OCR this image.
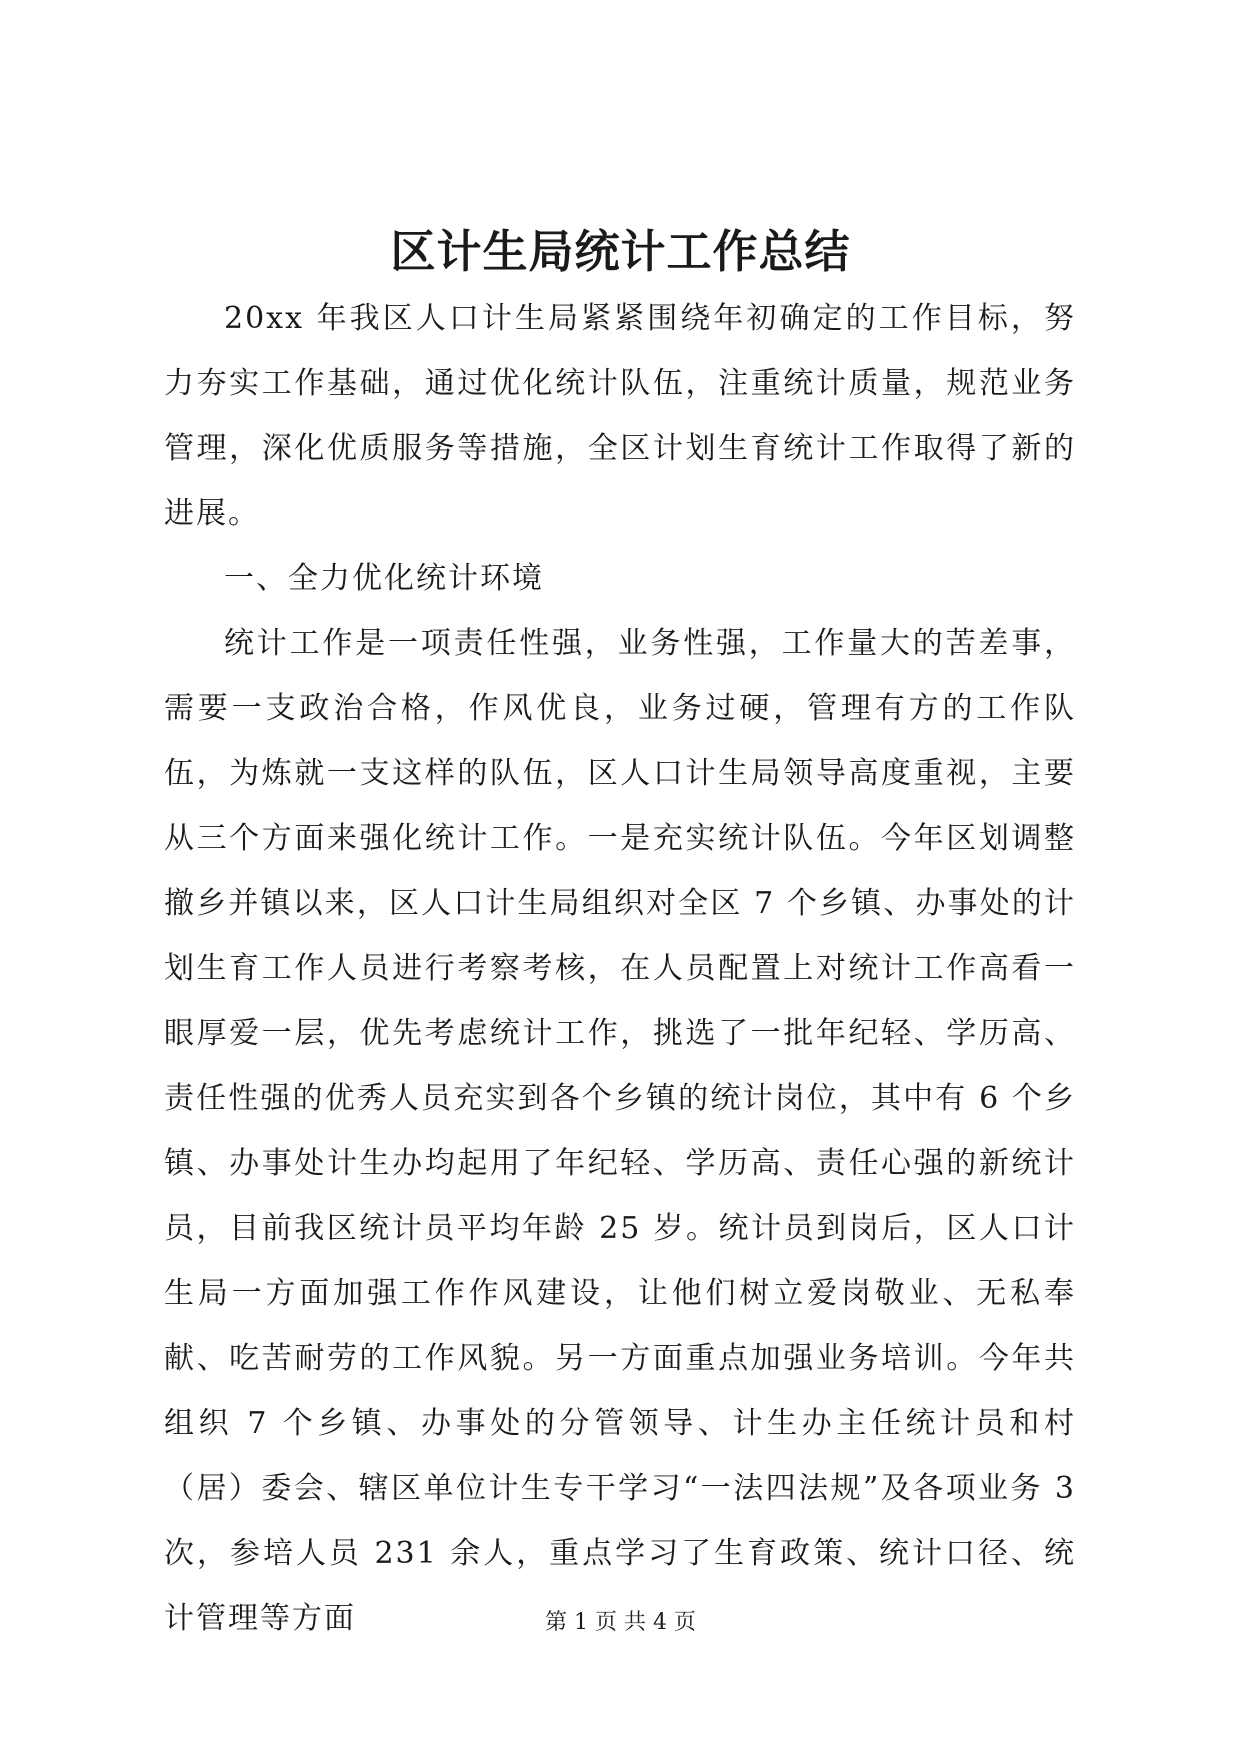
区计生局统计工作总结

20xx 年我区人口计生局紧紧围绕年初确定的工作目标，努力夯实工作基础，通过优化统计队伍，注重统计质量，规范业务管理，深化优质服务等措施，全区计划生育统计工作取得了新的进展。

一、全力优化统计环境

统计工作是一项责任性强，业务性强，工作量大的苦差事，需要一支政治合格，作风优良，业务过硬，管理有方的工作队伍，为炼就一支这样的队伍，区人口计生局领导高度重视，主要从三个方面来强化统计工作。一是充实统计队伍。今年区划调整撤乡并镇以来，区人口计生局组织对全区 7 个乡镇、办事处的计划生育工作人员进行考察考核，在人员配置上对统计工作高看一眼厚爱一层，优先考虑统计工作，挑选了一批年纪轻、学历高、责任性强的优秀人员充实到各个乡镇的统计岗位，其中有 6 个乡镇、办事处计生办均起用了年纪轻、学历高、责任心强的新统计员，目前我区统计员平均年龄 25 岁。统计员到岗后，区人口计生局一方面加强工作作风建设，让他们树立爱岗敬业、无私奉献、吃苦耐劳的工作风貌。另一方面重点加强业务培训。今年共组织 7 个乡镇、办事处的分管领导、计生办主任统计员和村（居）委会、辖区单位计生专干学习“一法四法规”及各项业务 3 次，参培人员 231 余人，重点学习了生育政策、统计口径、统计管理等方面	第 1 页 共 4 页
